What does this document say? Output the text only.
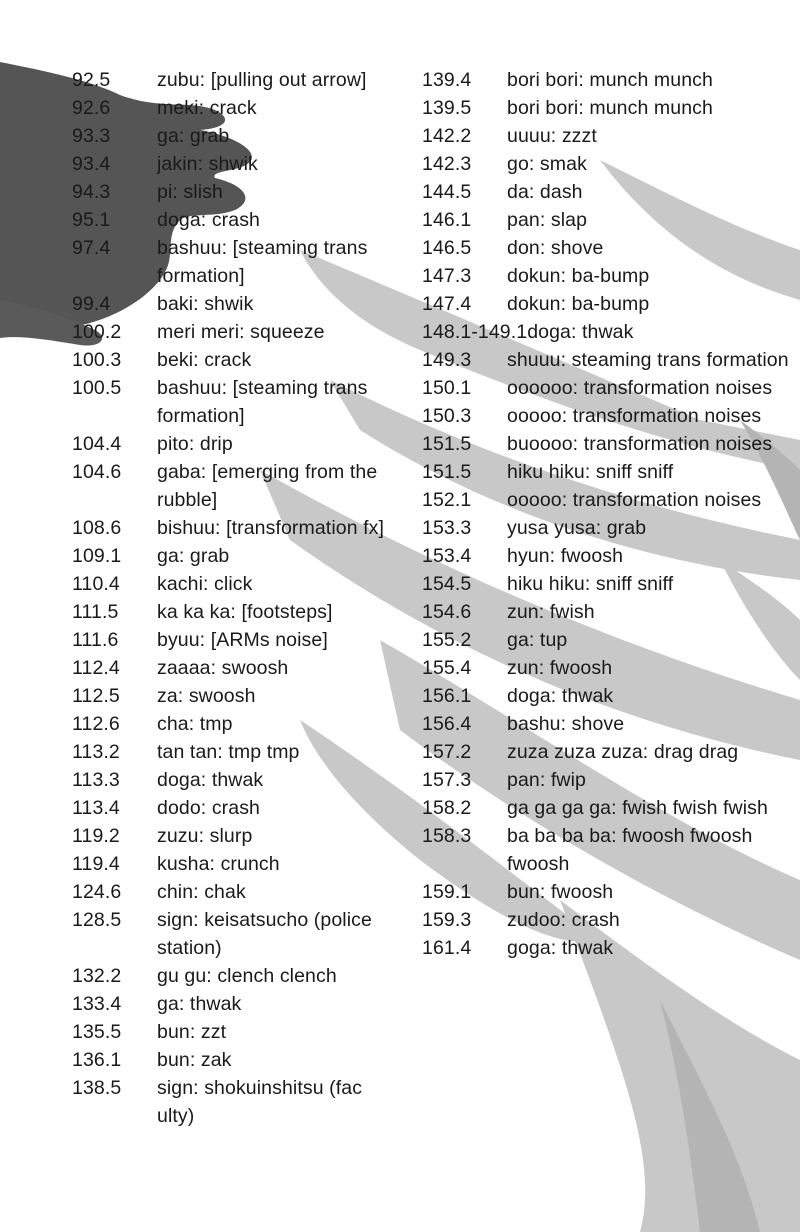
92.5	zubu: [pulling out arrow]
92.6	meki: crack
93.3	ga: grab
93.4	jakin: shwik
94.3	pi: slish
95.1	doga: crash
97.4	bashuu: [steaming trans formation]
99.4	baki: shwik
100.2	meri meri: squeeze
100.3	beki: crack
100.5	bashuu: [steaming trans formation]
104.4	pito: drip
104.6	gaba: [emerging from the rubble]
108.6	bishuu: [transformation fx]
109.1	ga: grab
110.4	kachi: click
111.5	ka ka ka: [footsteps]
111.6	byuu: [ARMs noise]
112.4	zaaaa: swoosh
112.5	za: swoosh
112.6	cha: tmp
113.2	tan tan: tmp tmp
113.3	doga: thwak
113.4	dodo: crash
119.2	zuzu: slurp
119.4	kusha: crunch
124.6	chin: chak
128.5	sign: keisatsucho (police station)
132.2	gu gu: clench clench
133.4	ga: thwak
135.5	bun: zzt
136.1	bun: zak
138.5	sign: shokuinshitsu (fac ulty)
139.4	bori bori: munch munch
139.5	bori bori: munch munch
142.2	uuuu: zzzt
142.3	go: smak
144.5	da: dash
146.1	pan: slap
146.5	don: shove
147.3	dokun: ba-bump
147.4	dokun: ba-bump
148.1-149.1 doga: thwak
149.3	shuuu: steaming trans formation
150.1	oooooo: transformation noises
150.3	ooooo: transformation noises
151.5	buoooo: transformation noises
151.5	hiku hiku: sniff sniff
152.1	ooooo: transformation noises
153.3	yusa yusa: grab
153.4	hyun: fwoosh
154.5	hiku hiku: sniff sniff
154.6	zun: fwish
155.2	ga: tup
155.4	zun: fwoosh
156.1	doga: thwak
156.4	bashu: shove
157.2	zuza zuza zuza: drag drag
157.3	pan: fwip
158.2	ga ga ga ga: fwish fwish fwish
158.3	ba ba ba ba: fwoosh fwoosh fwoosh
159.1	bun: fwoosh
159.3	zudoo: crash
161.4	goga: thwak
